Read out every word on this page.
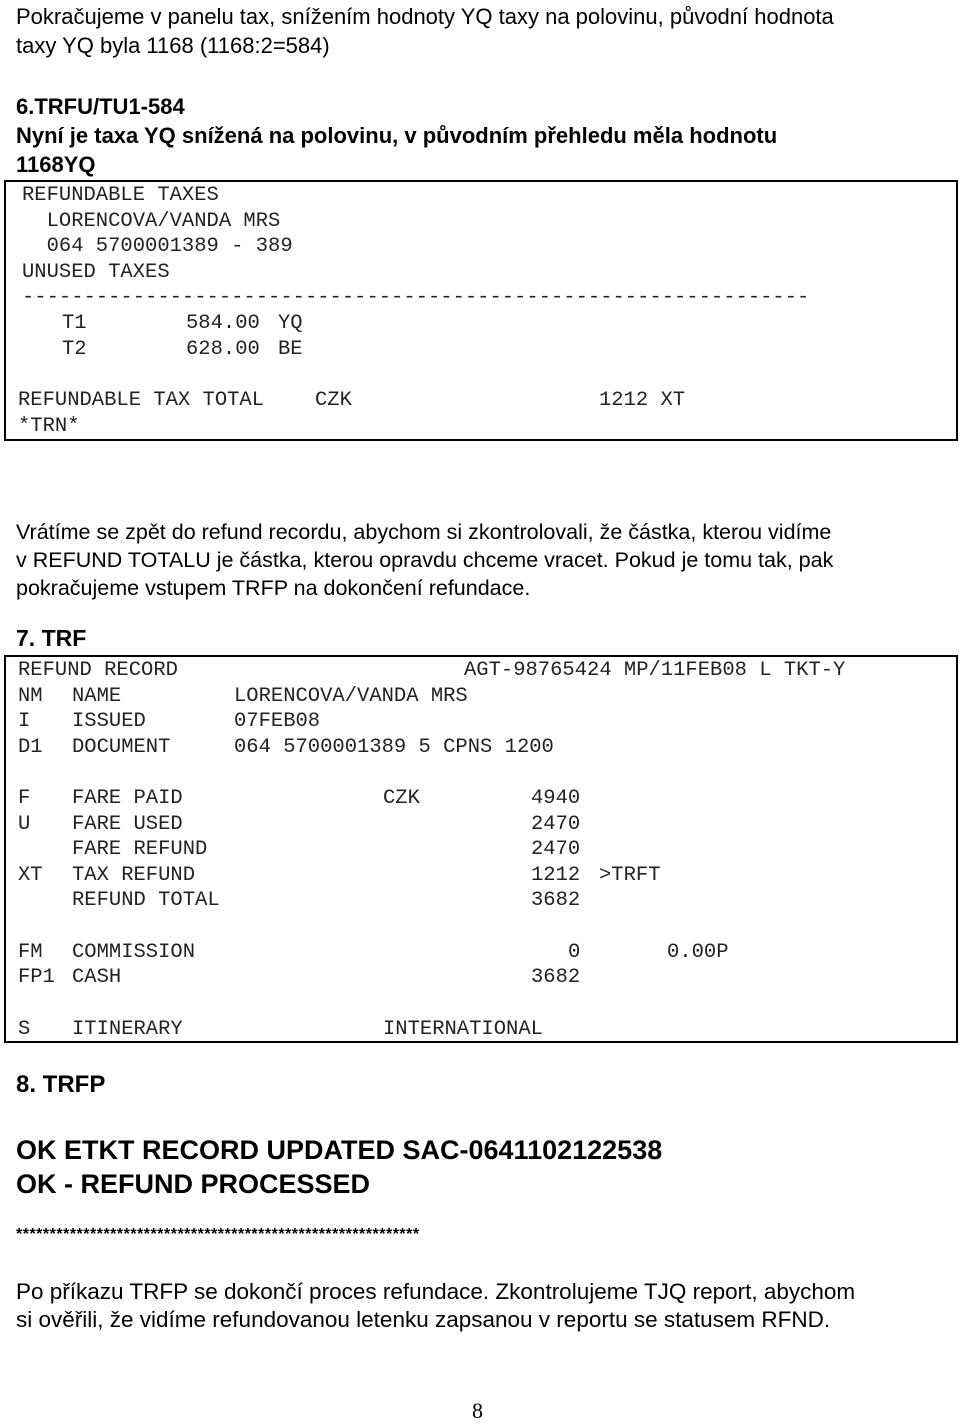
Pokračujeme v panelu tax, snížením hodnoty YQ taxy na polovinu, původní hodnota
taxy YQ byla 1168 (1168:2=584)
6.TRFU/TU1-584
Nyní je taxa YQ snížená na polovinu, v původním přehledu měla hodnotu
1168YQ
REFUNDABLE TAXES
LORENCOVA/VANDA MRS
064 5700001389 - 389
UNUSED TAXES
----------------------------------------------------------------
T1	584.00 YQ
T2	628.00 BE
REFUNDABLE TAX TOTAL CZK	1212 XT
*TRN*
Vrátíme se zpět do refund recordu, abychom si zkontrolovali, že částka, kterou vidíme
v REFUND TOTALU je částka, kterou opravdu chceme vracet. Pokud je tomu tak, pak
pokračujeme vstupem TRFP na dokončení refundace.
7. TRF
REFUND RECORD	AGT-98765424 MP/11FEB08 L TKT-Y
NM NAME	LORENCOVA/VANDA MRS
I ISSUED	07FEB08
D1 DOCUMENT	064 5700001389 5 CPNS 1200
F FARE PAID	CZK	4940
U FARE USED	2470
FARE REFUND	2470
XT TAX REFUND	1212 >TRFT
REFUND TOTAL	3682
FM COMMISSION	0	0.00P
FP1 CASH	3682
S ITINERARY	INTERNATIONAL
8. TRFP
OK ETKT RECORD UPDATED SAC-0641102122538
OK - REFUND PROCESSED
************************************************************
Po příkazu TRFP se dokončí proces refundace. Zkontrolujeme TJQ report, abychom
si ověřili, že vidíme refundovanou letenku zapsanou v reportu se statusem RFND.
8
